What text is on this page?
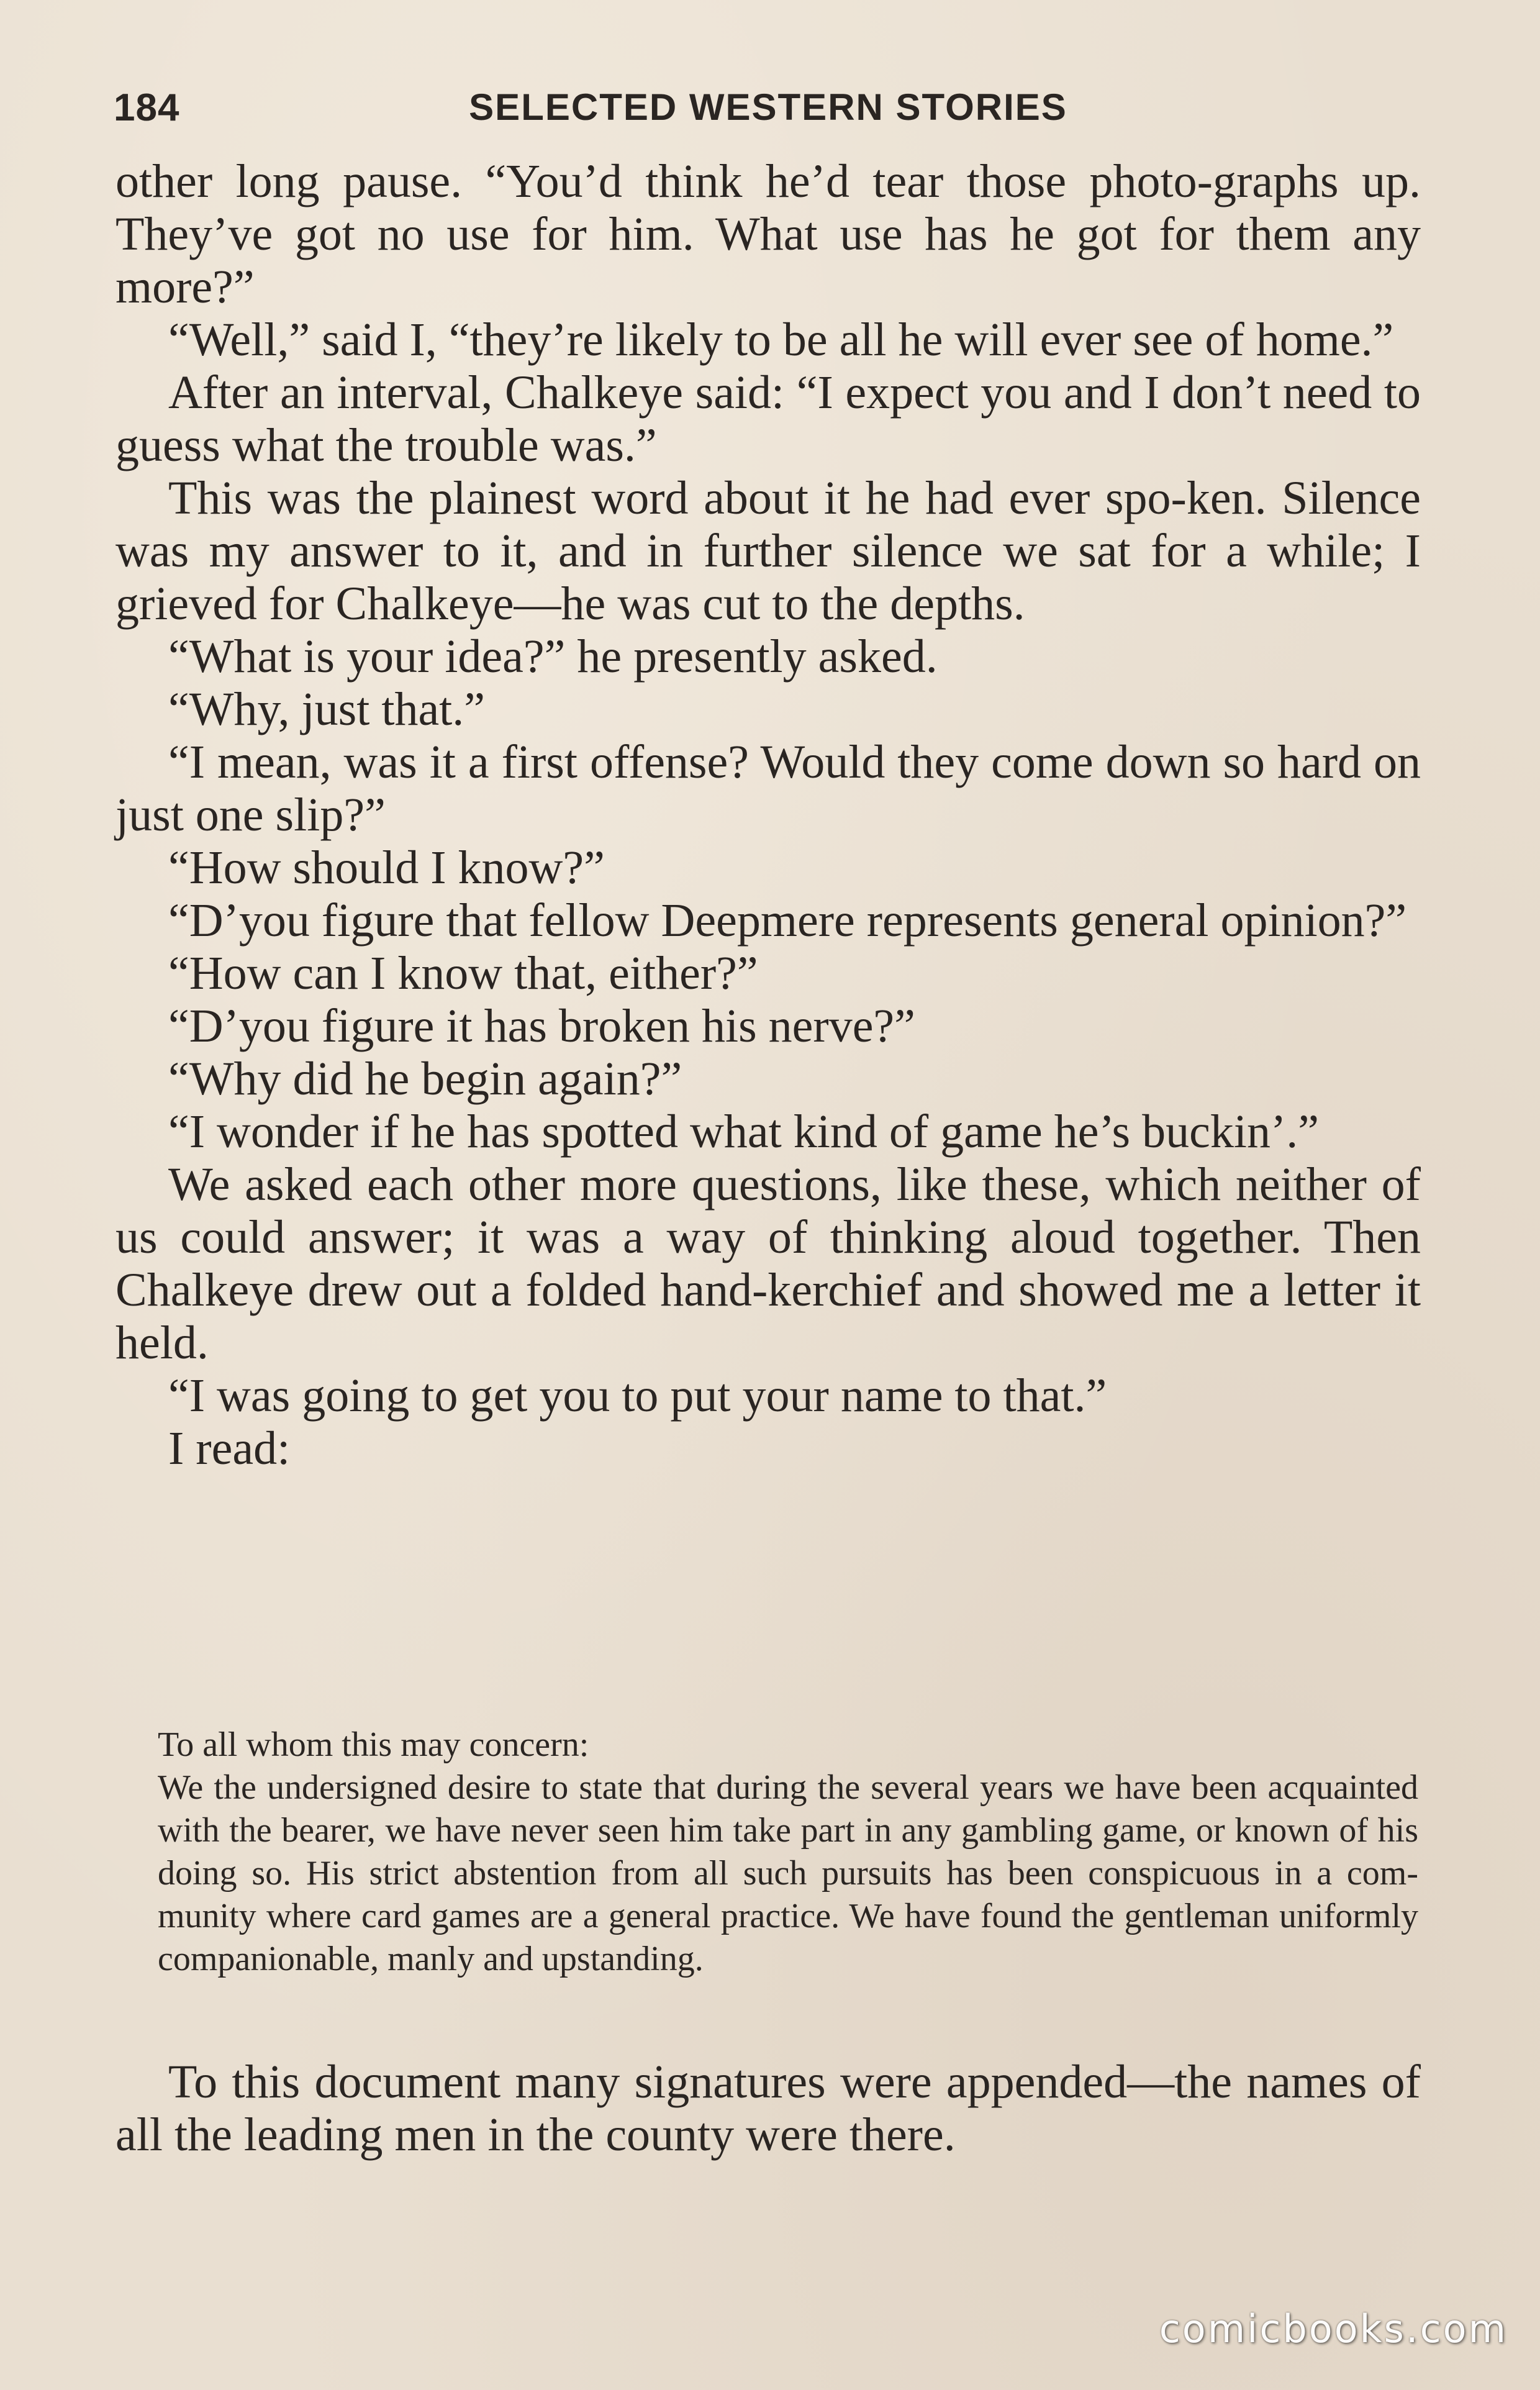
184	SELECTED WESTERN STORIES

other long pause. “You’d think he’d tear those photo-graphs up. They’ve got no use for him. What use has he got for them any more?”

“Well,” said I, “they’re likely to be all he will ever see of home.”

After an interval, Chalkeye said: “I expect you and I don’t need to guess what the trouble was.”

This was the plainest word about it he had ever spo-ken. Silence was my answer to it, and in further silence we sat for a while; I grieved for Chalkeye—he was cut to the depths.

“What is your idea?” he presently asked.

“Why, just that.”

“I mean, was it a first offense? Would they come down so hard on just one slip?”

“How should I know?”

“D’you figure that fellow Deepmere represents general opinion?”

“How can I know that, either?”

“D’you figure it has broken his nerve?”

“Why did he begin again?”

“I wonder if he has spotted what kind of game he’s buckin’.”

We asked each other more questions, like these, which neither of us could answer; it was a way of thinking aloud together. Then Chalkeye drew out a folded hand-kerchief and showed me a letter it held.

“I was going to get you to put your name to that.”

I read:

To all whom this may concern:

We the undersigned desire to state that during the several years we have been acquainted with the bearer, we have never seen him take part in any gambling game, or known of his doing so. His strict abstention from all such pursuits has been conspicuous in a com-munity where card games are a general practice. We have found the gentleman uniformly companionable, manly and upstanding.

To this document many signatures were appended—the names of all the leading men in the county were there.

comicbooks.com
